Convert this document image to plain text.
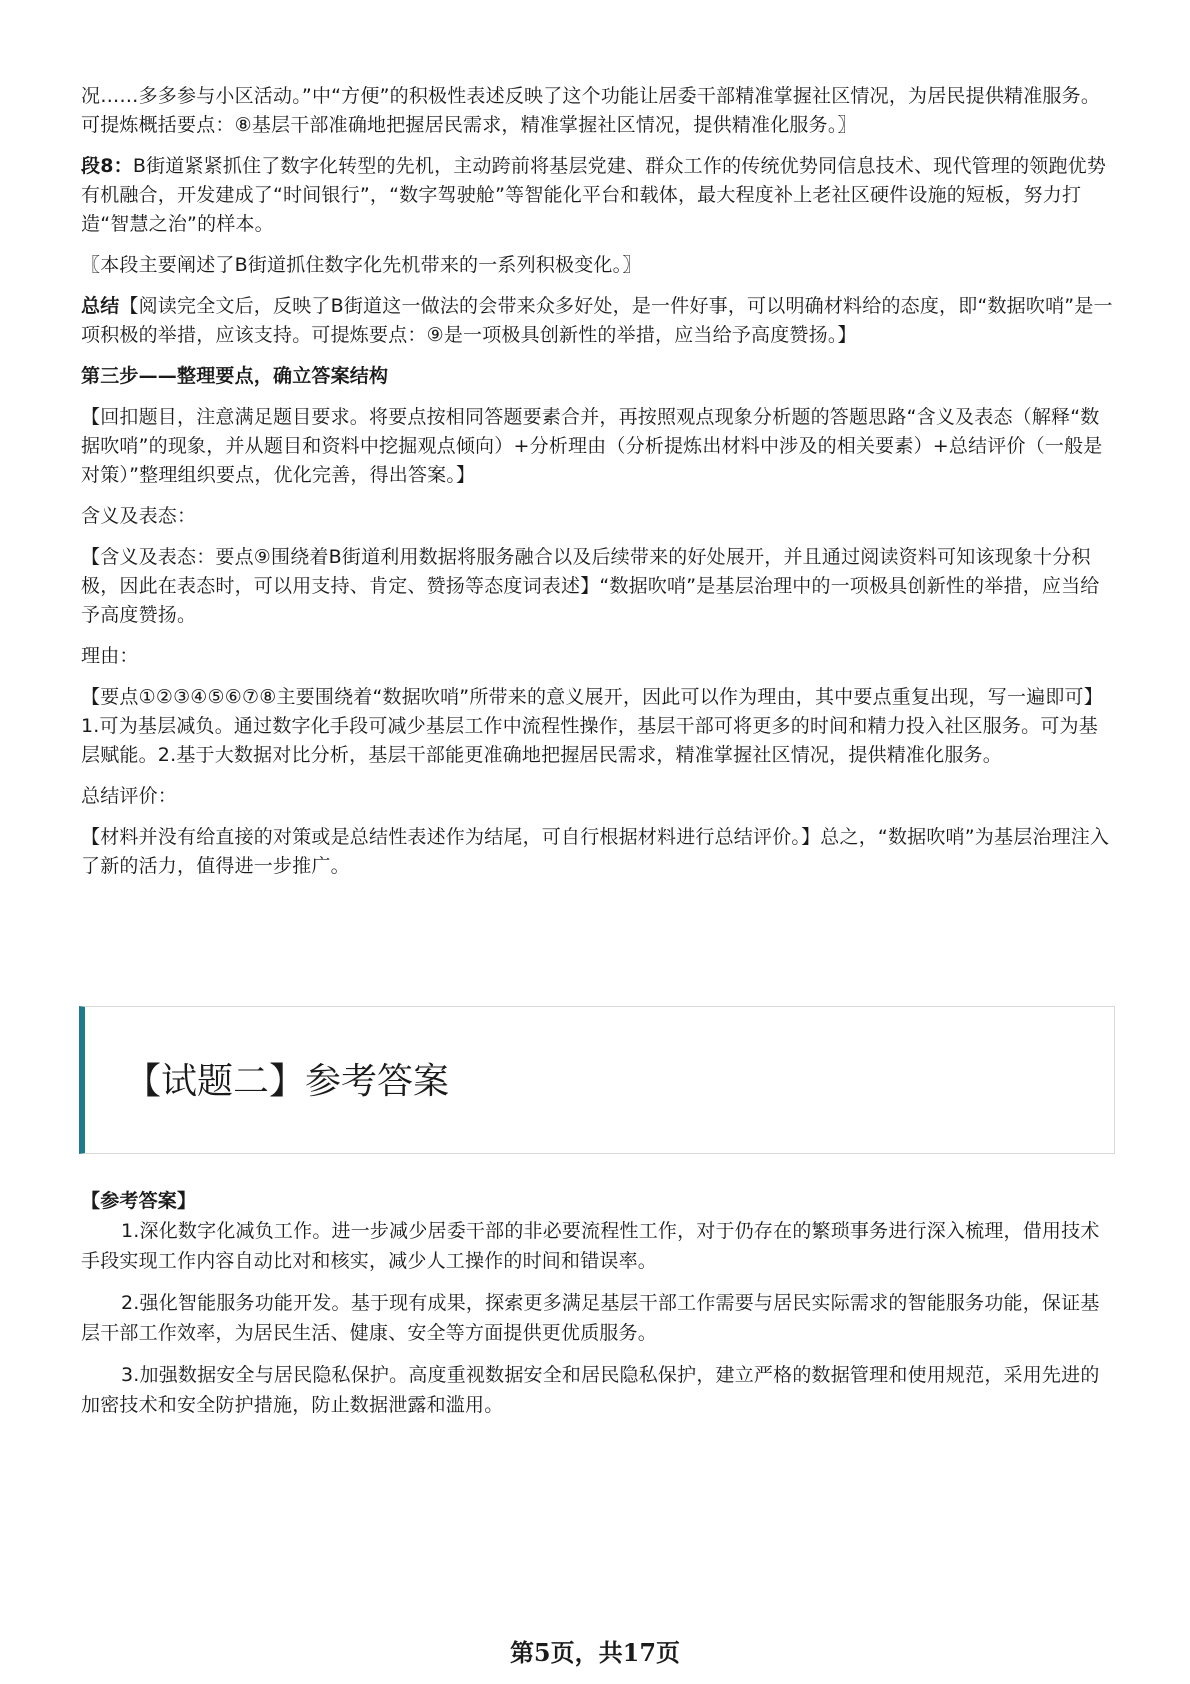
况……多多参与小区活动。”中“方便”的积极性表述反映了这个功能让居委干部精准掌握社区情况，为居民提供精准服务。可提炼概括要点：⑧基层干部准确地把握居民需求，精准掌握社区情况，提供精准化服务。〗

段8：B街道紧紧抓住了数字化转型的先机，主动跨前将基层党建、群众工作的传统优势同信息技术、现代管理的领跑优势有机融合，开发建成了“时间银行”，“数字驾驶舱”等智能化平台和载体，最大程度补上老社区硬件设施的短板，努力打造“智慧之治”的样本。

〖本段主要阐述了B街道抓住数字化先机带来的一系列积极变化。〗

总结【阅读完全文后，反映了B街道这一做法的会带来众多好处，是一件好事，可以明确材料给的态度，即“数据吹哨”是一项积极的举措，应该支持。可提炼要点：⑨是一项极具创新性的举措，应当给予高度赞扬。】

第三步——整理要点，确立答案结构

【回扣题目，注意满足题目要求。将要点按相同答题要素合并，再按照观点现象分析题的答题思路“含义及表态（解释“数据吹哨”的现象，并从题目和资料中挖掘观点倾向）+分析理由（分析提炼出材料中涉及的相关要素）+总结评价（一般是对策）”整理组织要点，优化完善，得出答案。】

含义及表态：

【含义及表态：要点⑨围绕着B街道利用数据将服务融合以及后续带来的好处展开，并且通过阅读资料可知该现象十分积极，因此在表态时，可以用支持、肯定、赞扬等态度词表述】“数据吹哨”是基层治理中的一项极具创新性的举措，应当给予高度赞扬。

理由：

【要点①②③④⑤⑥⑦⑧主要围绕着“数据吹哨”所带来的意义展开，因此可以作为理由，其中要点重复出现，写一遍即可】1.可为基层减负。通过数字化手段可减少基层工作中流程性操作，基层干部可将更多的时间和精力投入社区服务。可为基层赋能。2.基于大数据对比分析，基层干部能更准确地把握居民需求，精准掌握社区情况，提供精准化服务。

总结评价：

【材料并没有给直接的对策或是总结性表述作为结尾，可自行根据材料进行总结评价。】总之，“数据吹哨”为基层治理注入了新的活力，值得进一步推广。

【试题二】参考答案

【参考答案】

1.深化数字化减负工作。进一步减少居委干部的非必要流程性工作，对于仍存在的繁琐事务进行深入梳理，借用技术手段实现工作内容自动比对和核实，减少人工操作的时间和错误率。

2.强化智能服务功能开发。基于现有成果，探索更多满足基层干部工作需要与居民实际需求的智能服务功能，保证基层干部工作效率，为居民生活、健康、安全等方面提供更优质服务。

3.加强数据安全与居民隐私保护。高度重视数据安全和居民隐私保护，建立严格的数据管理和使用规范，采用先进的加密技术和安全防护措施，防止数据泄露和滥用。

第5页，共17页
